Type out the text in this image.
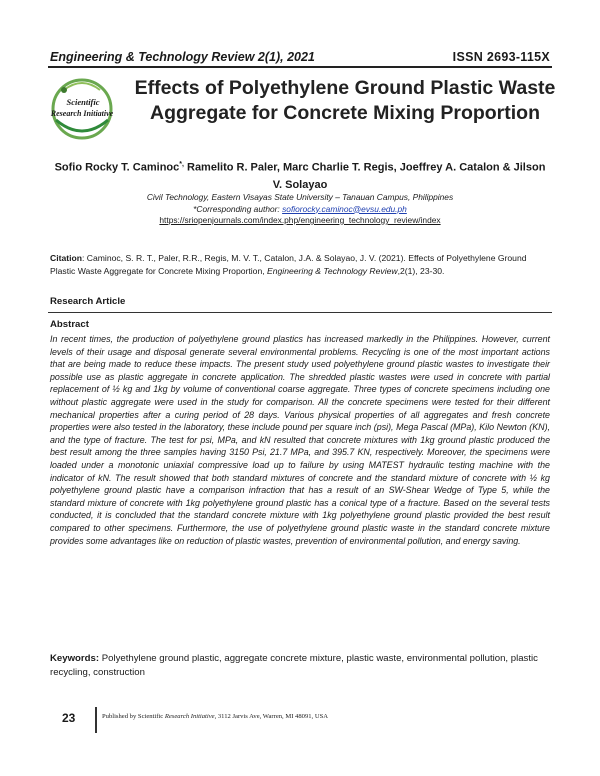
Engineering & Technology Review 2(1), 2021	ISSN 2693-115X
Scientific
Research Initiative
Effects of Polyethylene Ground Plastic Waste Aggregate for Concrete Mixing Proportion
Sofio Rocky T. Caminoc*, Ramelito R. Paler, Marc Charlie T. Regis, Joeffrey A. Catalon & Jilson V. Solayao
Civil Technology, Eastern Visayas State University – Tanauan Campus, Philippines
*Corresponding author: sofiorocky.caminoc@evsu.edu.ph
https://sriopenjournals.com/index.php/engineering_technology_review/index
Citation: Caminoc, S. R. T., Paler, R.R., Regis, M. V. T., Catalon, J.A. & Solayao, J. V. (2021). Effects of Polyethylene Ground Plastic Waste Aggregate for Concrete Mixing Proportion, Engineering & Technology Review,2(1), 23-30.
Research Article
Abstract
In recent times, the production of polyethylene ground plastics has increased markedly in the Philippines. However, current levels of their usage and disposal generate several environmental problems. Recycling is one of the most important actions that are being made to reduce these impacts. The present study used polyethylene ground plastic wastes to investigate their possible use as plastic aggregate in concrete application. The shredded plastic wastes were used in concrete with partial replacement of ½ kg and 1kg by volume of conventional coarse aggregate. Three types of concrete specimens including one without plastic aggregate were used in the study for comparison. All the concrete specimens were tested for their different mechanical properties after a curing period of 28 days. Various physical properties of all aggregates and fresh concrete properties were also tested in the laboratory, these include pound per square inch (psi), Mega Pascal (MPa), Kilo Newton (KN), and the type of fracture. The test for psi, MPa, and kN resulted that concrete mixtures with 1kg ground plastic produced the best result among the three samples having 3150 Psi, 21.7 MPa, and 395.7 KN, respectively. Moreover, the specimens were loaded under a monotonic uniaxial compressive load up to failure by using MATEST hydraulic testing machine with the indicator of kN. The result showed that both standard mixtures of concrete and the standard mixture of concrete with ½ kg polyethylene ground plastic have a comparison infraction that has a result of an SW-Shear Wedge of Type 5, while the standard mixture of concrete with 1kg polyethylene ground plastic has a conical type of a fracture. Based on the several tests conducted, it is concluded that the standard concrete mixture with 1kg polyethylene ground plastic provided the best result compared to other specimens. Furthermore, the use of polyethylene ground plastic waste in the standard concrete mixture provides some advantages like on reduction of plastic wastes, prevention of environmental pollution, and energy saving.
Keywords: Polyethylene ground plastic, aggregate concrete mixture, plastic waste, environmental pollution, plastic recycling, construction
23	Published by Scientific Research Initiative, 3112 Jarvis Ave, Warren, MI 48091, USA
